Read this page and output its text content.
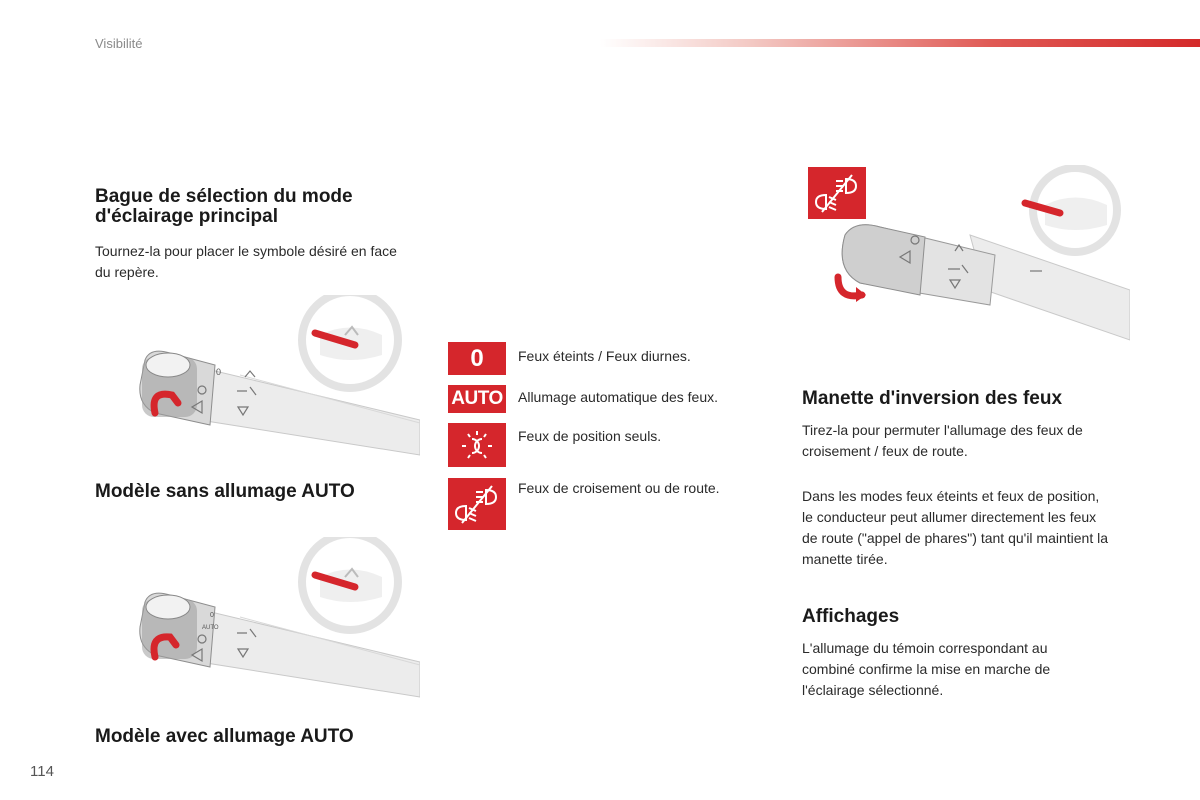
Visibilité
Bague de sélection du mode d'éclairage principal

Tournez-la pour placer le symbole désiré en face du repère.

0
Modèle sans allumage AUTO
0
AUTO
Modèle avec allumage AUTO
0 Feux éteints / Feux diurnes.
AUTO Allumage automatique des feux.
Feux de position seuls.
Feux de croisement ou de route.
Manette d'inversion des feux

Tirez-la pour permuter l'allumage des feux de croisement / feux de route.

Dans les modes feux éteints et feux de position, le conducteur peut allumer directement les feux de route ("appel de phares") tant qu'il maintient la manette tirée.

Affichages

L'allumage du témoin correspondant au combiné confirme la mise en marche de l'éclairage sélectionné.

114
